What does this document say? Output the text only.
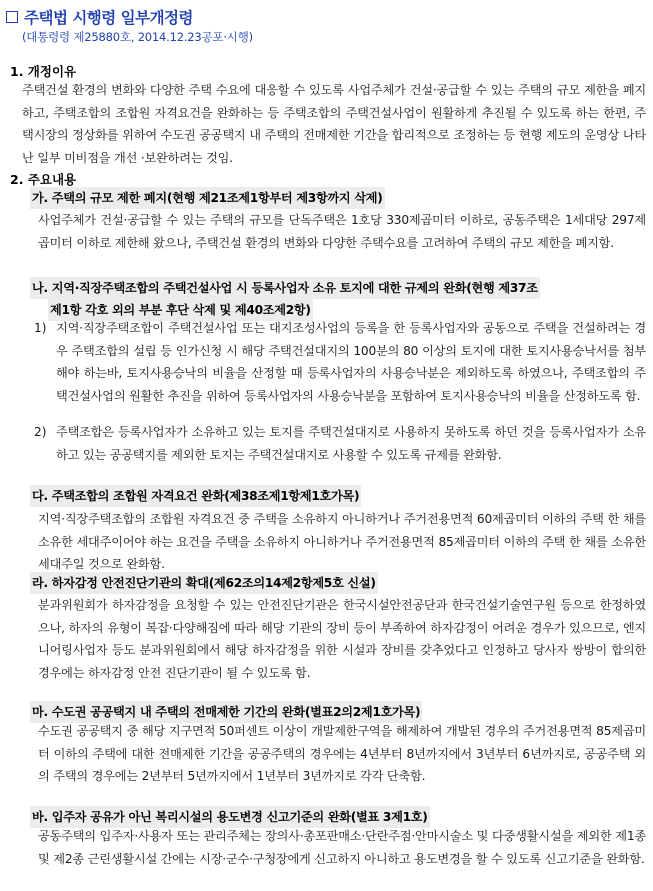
주택법 시행령 일부개정령
(대통령령 제25880호, 2014.12.23공포·시행)
1. 개정이유
주택건설 환경의 변화와 다양한 주택 수요에 대응할 수 있도록 사업주체가 건설·공급할 수 있는 주택의 규모 제한을 폐지하고, 주택조합의 조합원 자격요건을 완화하는 등 주택조합의 주택건설사업이 원활하게 추진될 수 있도록 하는 한편, 주택시장의 정상화를 위하여 수도권 공공택지 내 주택의 전매제한 기간을 합리적으로 조정하는 등 현행 제도의 운영상 나타난 일부 미비점을 개선 ·보완하려는 것임.
2. 주요내용
가. 주택의 규모 제한 폐지(현행 제21조제1항부터 제3항까지 삭제)
사업주체가 건설·공급할 수 있는 주택의 규모를 단독주택은 1호당 330제곱미터 이하로, 공동주택은 1세대당 297제곱미터 이하로 제한해 왔으나, 주택건설 환경의 변화와 다양한 주택수요를 고려하여 주택의 규모 제한을 폐지함.
나. 지역·직장주택조합의 주택건설사업 시 등록사업자 소유 토지에 대한 규제의 완화(현행 제37조
제1항 각호 외의 부분 후단 삭제 및 제40조제2항)
1) 지역·직장주택조합이 주택건설사업 또는 대지조성사업의 등록을 한 등록사업자와 공동으로 주택을 건설하려는 경우 주택조합의 설립 등 인가신청 시 해당 주택건설대지의 100분의 80 이상의 토지에 대한 토지사용승낙서를 첨부해야 하는바, 토지사용승낙의 비율을 산정할 때 등록사업자의 사용승낙분은 제외하도록 하였으나, 주택조합의 주택건설사업의 원활한 추진을 위하여 등록사업자의 사용승낙분을 포함하여 토지사용승낙의 비율을 산정하도록 함.
2) 주택조합은 등록사업자가 소유하고 있는 토지를 주택건설대지로 사용하지 못하도록 하던 것을 등록사업자가 소유하고 있는 공공택지를 제외한 토지는 주택건설대지로 사용할 수 있도록 규제를 완화함.
다. 주택조합의 조합원 자격요건 완화(제38조제1항제1호가목)
지역·직장주택조합의 조합원 자격요건 중 주택을 소유하지 아니하거나 주거전용면적 60제곱미터 이하의 주택 한 채를 소유한 세대주이어야 하는 요건을 주택을 소유하지 아니하거나 주거전용면적 85제곱미터 이하의 주택 한 채를 소유한 세대주일 것으로 완화함.
라. 하자감정 안전진단기관의 확대(제62조의14제2항제5호 신설)
분과위원회가 하자감정을 요청할 수 있는 안전진단기관은 한국시설안전공단과 한국건설기술연구원 등으로 한정하였으나, 하자의 유형이 복잡·다양해짐에 따라 해당 기관의 장비 등이 부족하여 하자감정이 어려운 경우가 있으므로, 엔지니어링사업자 등도 분과위원회에서 해당 하자감정을 위한 시설과 장비를 갖추었다고 인정하고 당사자 쌍방이 합의한 경우에는 하자감정 안전 진단기관이 될 수 있도록 함.
마. 수도권 공공택지 내 주택의 전매제한 기간의 완화(별표2의2제1호가목)
수도권 공공택지 중 해당 지구면적 50퍼센트 이상이 개발제한구역을 해제하여 개발된 경우의 주거전용면적 85제곱미터 이하의 주택에 대한 전매제한 기간을 공공주택의 경우에는 4년부터 8년까지에서 3년부터 6년까지로, 공공주택 외의 주택의 경우에는 2년부터 5년까지에서 1년부터 3년까지로 각각 단축함.
바. 입주자 공유가 아닌 복리시설의 용도변경 신고기준의 완화(별표 3제1호)
공동주택의 입주자·사용자 또는 관리주체는 장의사·총포판매소·단란주점·안마시술소 및 다중생활시설을 제외한 제1종 및 제2종 근린생활시설 간에는 시장·군수·구청장에게 신고하지 아니하고 용도변경을 할 수 있도록 신고기준을 완화함.
